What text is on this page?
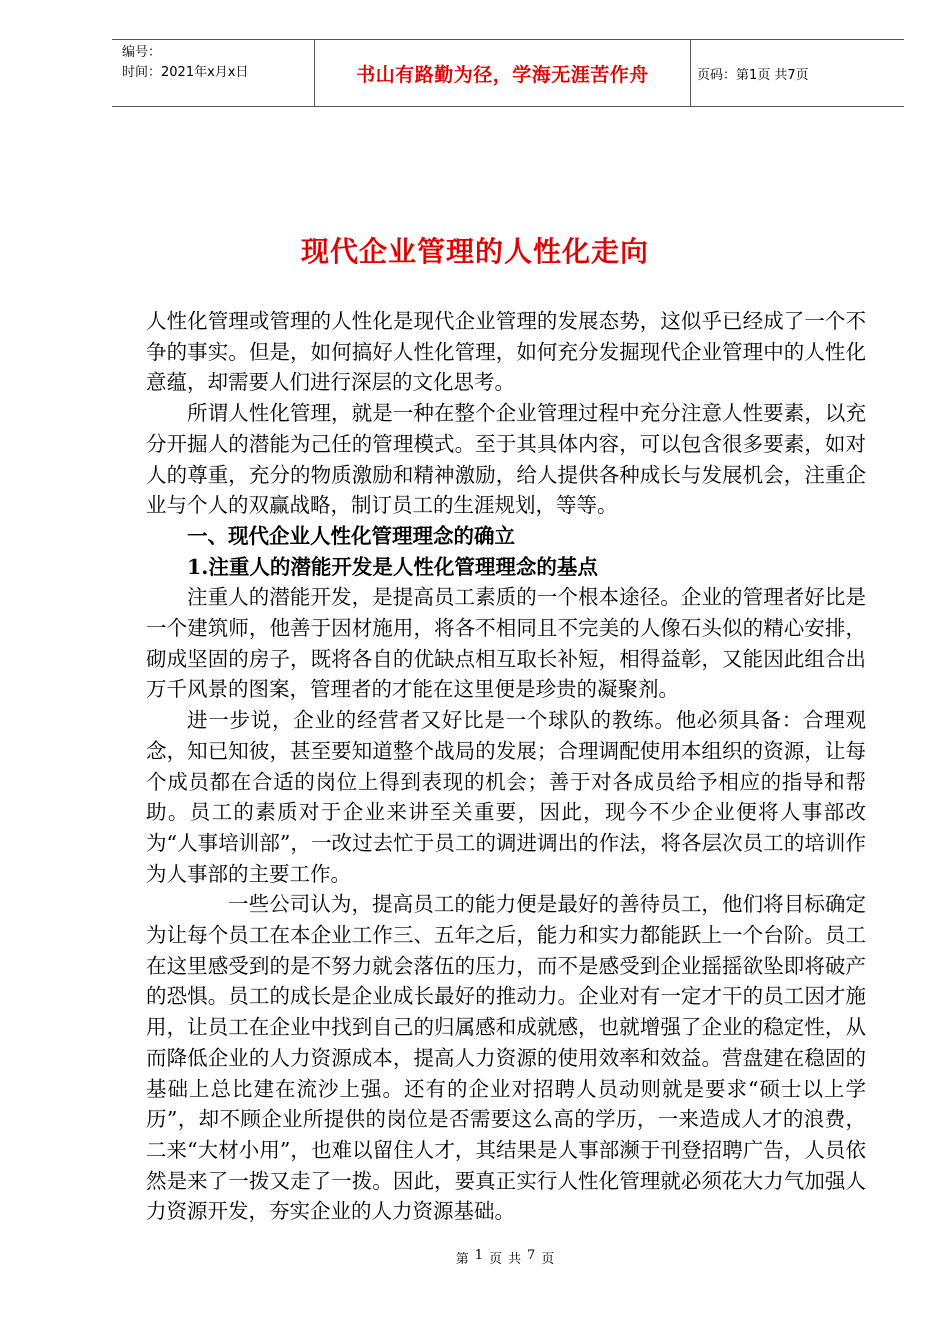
编号：
时间：2021年x月x日	书山有路勤为径，学海无涯苦作舟	页码：第1页 共7页
现代企业管理的人性化走向

人性化管理或管理的人性化是现代企业管理的发展态势，这似乎已经成了一个不争的事实。但是，如何搞好人性化管理，如何充分发掘现代企业管理中的人性化意蕴，却需要人们进行深层的文化思考。

所谓人性化管理，就是一种在整个企业管理过程中充分注意人性要素，以充分开掘人的潜能为己任的管理模式。至于其具体内容，可以包含很多要素，如对人的尊重，充分的物质激励和精神激励，给人提供各种成长与发展机会，注重企业与个人的双赢战略，制订员工的生涯规划，等等。

一、现代企业人性化管理理念的确立

1.注重人的潜能开发是人性化管理理念的基点

注重人的潜能开发，是提高员工素质的一个根本途径。企业的管理者好比是一个建筑师，他善于因材施用，将各不相同且不完美的人像石头似的精心安排，砌成坚固的房子，既将各自的优缺点相互取长补短，相得益彰，又能因此组合出万千风景的图案，管理者的才能在这里便是珍贵的凝聚剂。

进一步说，企业的经营者又好比是一个球队的教练。他必须具备：合理观念，知已知彼，甚至要知道整个战局的发展；合理调配使用本组织的资源，让每个成员都在合适的岗位上得到表现的机会；善于对各成员给予相应的指导和帮助。员工的素质对于企业来讲至关重要，因此，现今不少企业便将人事部改为“人事培训部”，一改过去忙于员工的调进调出的作法，将各层次员工的培训作为人事部的主要工作。

一些公司认为，提高员工的能力便是最好的善待员工，他们将目标确定为让每个员工在本企业工作三、五年之后，能力和实力都能跃上一个台阶。员工在这里感受到的是不努力就会落伍的压力，而不是感受到企业摇摇欲坠即将破产的恐惧。员工的成长是企业成长最好的推动力。企业对有一定才干的员工因才施用，让员工在企业中找到自己的归属感和成就感，也就增强了企业的稳定性，从而降低企业的人力资源成本，提高人力资源的使用效率和效益。营盘建在稳固的基础上总比建在流沙上强。还有的企业对招聘人员动则就是要求“硕士以上学历”，却不顾企业所提供的岗位是否需要这么高的学历，一来造成人才的浪费，二来“大材小用”，也难以留住人才，其结果是人事部濒于刊登招聘广告，人员依然是来了一拨又走了一拨。因此，要真正实行人性化管理就必须花大力气加强人力资源开发，夯实企业的人力资源基础。

第 1 页 共 7 页
